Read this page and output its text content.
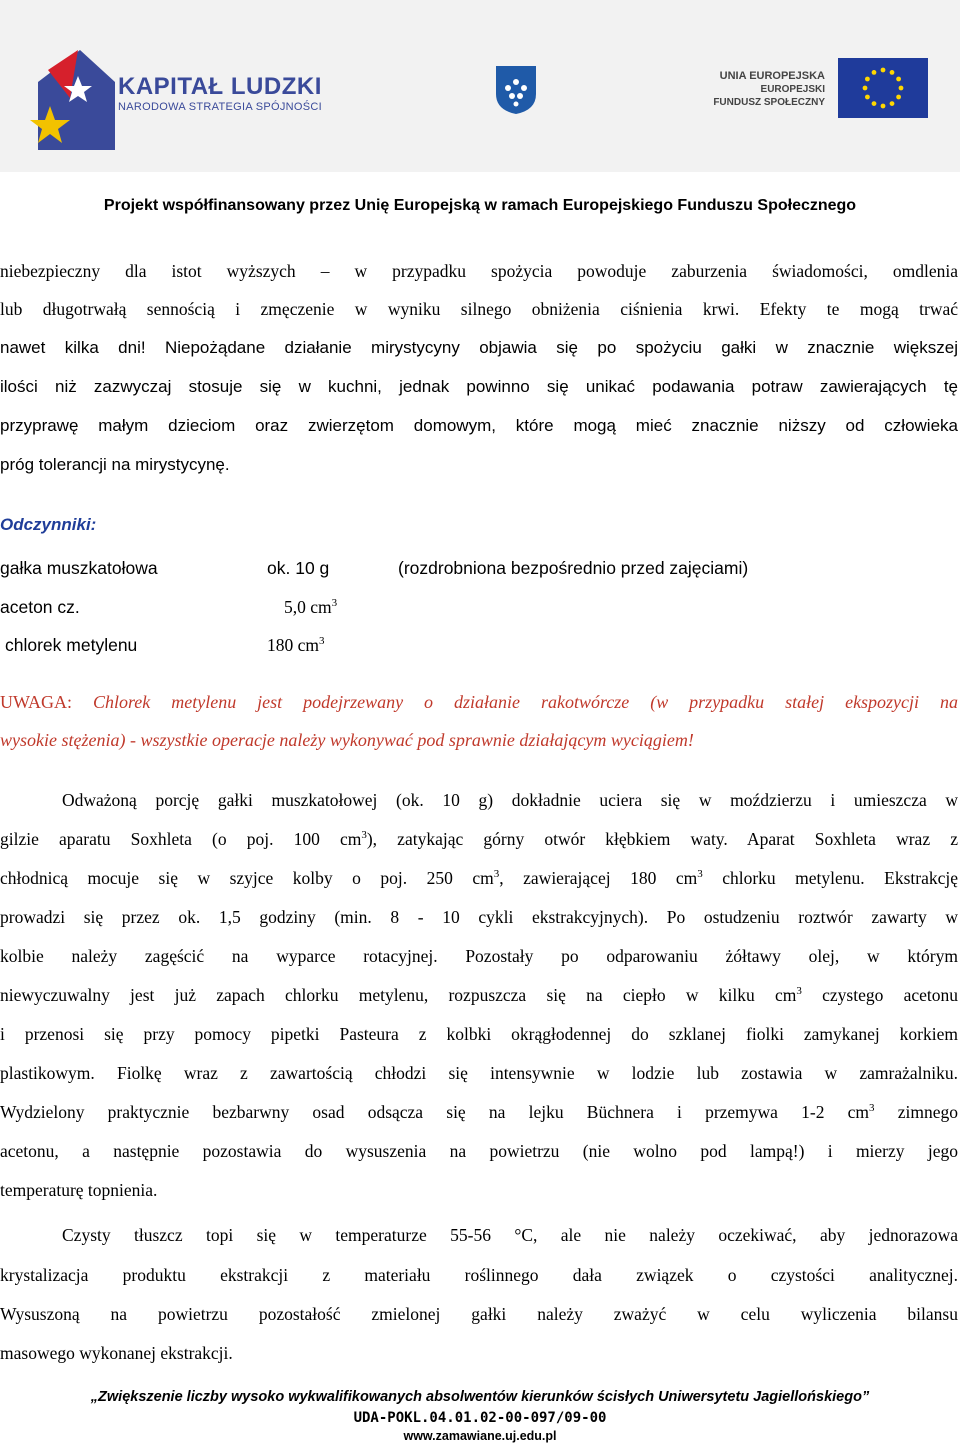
KAPITAŁ LUDZKI
NARODOWA STRATEGIA SPÓJNOŚCI
UNIA EUROPEJSKA
EUROPEJSKI
FUNDUSZ SPOŁECZNY
Projekt współfinansowany przez Unię Europejską w ramach Europejskiego Funduszu Społecznego
niebezpieczny dla istot wyższych – w przypadku spożycia powoduje zaburzenia świadomości, omdlenia
lub długotrwałą sennością i zmęczenie w wyniku silnego obniżenia ciśnienia krwi. Efekty te mogą trwać
nawet kilka dni! Niepożądane działanie mirystycyny objawia się po spożyciu gałki w znacznie większej
ilości niż zazwyczaj stosuje się w kuchni, jednak powinno się unikać podawania potraw zawierających tę
przyprawę małym dzieciom oraz zwierzętom domowym, które mogą mieć znacznie niższy od człowieka
próg tolerancji na mirystycynę.
Odczynniki:
gałka muszkatołowa	ok. 10 g	(rozdrobniona bezpośrednio przed zajęciami)
aceton cz.	5,0 $cm^3$
chlorek metylenu	180 $cm^3$
UWAGA: Chlorek metylenu jest podejrzewany o działanie rakotwórcze (w przypadku stałej ekspozycji na
wysokie stężenia) - wszystkie operacje należy wykonywać pod sprawnie działającym wyciągiem!
Odważoną porcję gałki muszkatołowej (ok. 10 g) dokładnie uciera się w moździerzu i umieszcza w
gilzie aparatu Soxhleta (o poj. 100 $cm^3$), zatykając górny otwór kłębkiem waty. Aparat Soxhleta wraz z
chłodnicą mocuje się w szyjce kolby o poj. 250 $cm^3$, zawierającej 180 $cm^3$ chlorku metylenu. Ekstrakcję
prowadzi się przez ok. 1,5 godziny (min. 8 - 10 cykli ekstrakcyjnych). Po ostudzeniu roztwór zawarty w
kolbie należy zagęścić na wyparce rotacyjnej. Pozostały po odparowaniu żółtawy olej, w którym
niewyczuwalny jest już zapach chlorku metylenu, rozpuszcza się na ciepło w kilku $cm^3$ czystego acetonu
i przenosi się przy pomocy pipetki Pasteura z kolbki okrągłodennej do szklanej fiolki zamykanej korkiem
plastikowym. Fiolkę wraz z zawartością chłodzi się intensywnie w lodzie lub zostawia w zamrażalniku.
Wydzielony praktycznie bezbarwny osad odsącza się na lejku Büchnera i przemywa 1-2 $cm^3$ zimnego
acetonu, a następnie pozostawia do wysuszenia na powietrzu (nie wolno pod lampą!) i mierzy jego
temperaturę topnienia.
Czysty tłuszcz topi się w temperaturze 55-56 °C, ale nie należy oczekiwać, aby jednorazowa
krystalizacja produktu ekstrakcji z materiału roślinnego dała związek o czystości analitycznej.
Wysuszoną na powietrzu pozostałość zmielonej gałki należy zważyć w celu wyliczenia bilansu
masowego wykonanej ekstrakcji.
„Zwiększenie liczby wysoko wykwalifikowanych absolwentów kierunków ścisłych Uniwersytetu Jagiellońskiego”
UDA-POKL.04.01.02-00-097/09-00
www.zamawiane.uj.edu.pl
